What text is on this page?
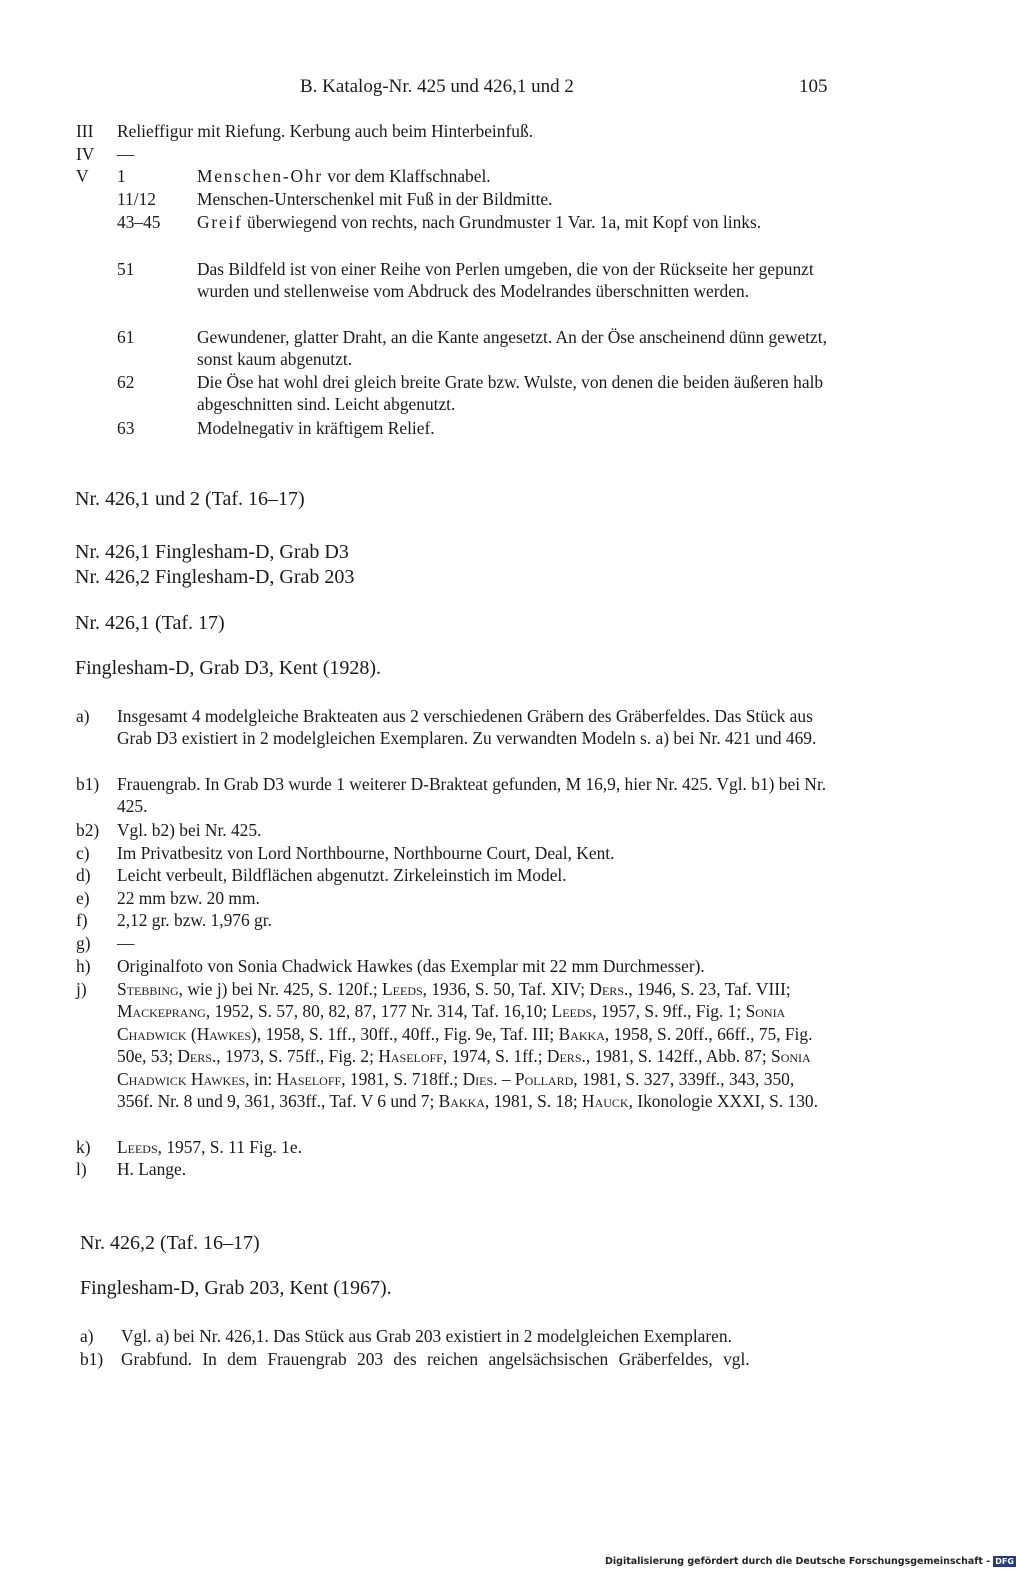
B. Katalog-Nr. 425 und 426,1 und 2	105
III Relieffigur mit Riefung. Kerbung auch beim Hinterbeinfuß.
IV —
V 1	Menschen-Ohr vor dem Klaffschnabel.
11/12 Menschen-Unterschenkel mit Fuß in der Bildmitte.
43–45 Greif überwiegend von rechts, nach Grundmuster 1 Var. 1a, mit Kopf von links.
51	Das Bildfeld ist von einer Reihe von Perlen umgeben, die von der Rückseite her gepunzt wurden und stellenweise vom Abdruck des Modelrandes überschnitten werden.
61	Gewundener, glatter Draht, an die Kante angesetzt. An der Öse anscheinend dünn gewetzt, sonst kaum abgenutzt.
62	Die Öse hat wohl drei gleich breite Grate bzw. Wulste, von denen die beiden äußeren halb abgeschnitten sind. Leicht abgenutzt.
63	Modelnegativ in kräftigem Relief.
Nr. 426,1 und 2 (Taf. 16–17)
Nr. 426,1 Finglesham-D, Grab D3
Nr. 426,2 Finglesham-D, Grab 203
Nr. 426,1 (Taf. 17)
Finglesham-D, Grab D3, Kent (1928).
a) Insgesamt 4 modelgleiche Brakteaten aus 2 verschiedenen Gräbern des Gräberfeldes. Das Stück aus Grab D3 existiert in 2 modelgleichen Exemplaren. Zu verwandten Modeln s. a) bei Nr. 421 und 469.
b1) Frauengrab. In Grab D3 wurde 1 weiterer D-Brakteat gefunden, M 16,9, hier Nr. 425. Vgl. b1) bei Nr. 425.
b2) Vgl. b2) bei Nr. 425.
c) Im Privatbesitz von Lord Northbourne, Northbourne Court, Deal, Kent.
d) Leicht verbeult, Bildflächen abgenutzt. Zirkeleinstich im Model.
e) 22 mm bzw. 20 mm.
f) 2,12 gr. bzw. 1,976 gr.
g) —
h) Originalfoto von Sonia Chadwick Hawkes (das Exemplar mit 22 mm Durchmesser).
j) Stebbing, wie j) bei Nr. 425, S. 120f.; Leeds, 1936, S. 50, Taf. XIV; Ders., 1946, S. 23, Taf. VIII; Mackeprang, 1952, S. 57, 80, 82, 87, 177 Nr. 314, Taf. 16,10; Leeds, 1957, S. 9ff., Fig. 1; Sonia Chadwick (Hawkes), 1958, S. 1ff., 30ff., 40ff., Fig. 9e, Taf. III; Bakka, 1958, S. 20ff., 66ff., 75, Fig. 50e, 53; Ders., 1973, S. 75ff., Fig. 2; Haseloff, 1974, S. 1ff.; Ders., 1981, S. 142ff., Abb. 87; Sonia Chadwick Hawkes, in: Haseloff, 1981, S. 718ff.; Dies. – Pollard, 1981, S. 327, 339ff., 343, 350, 356f. Nr. 8 und 9, 361, 363ff., Taf. V 6 und 7; Bakka, 1981, S. 18; Hauck, Ikonologie XXXI, S. 130.
k) Leeds, 1957, S. 11 Fig. 1e.
l) H. Lange.
Nr. 426,2 (Taf. 16–17)
Finglesham-D, Grab 203, Kent (1967).
a) Vgl. a) bei Nr. 426,1. Das Stück aus Grab 203 existiert in 2 modelgleichen Exemplaren.
b1) Grabfund. In dem Frauengrab 203 des reichen angelsächsischen Gräberfeldes, vgl.
Digitalisierung gefördert durch die Deutsche Forschungsgemeinschaft - DFG
